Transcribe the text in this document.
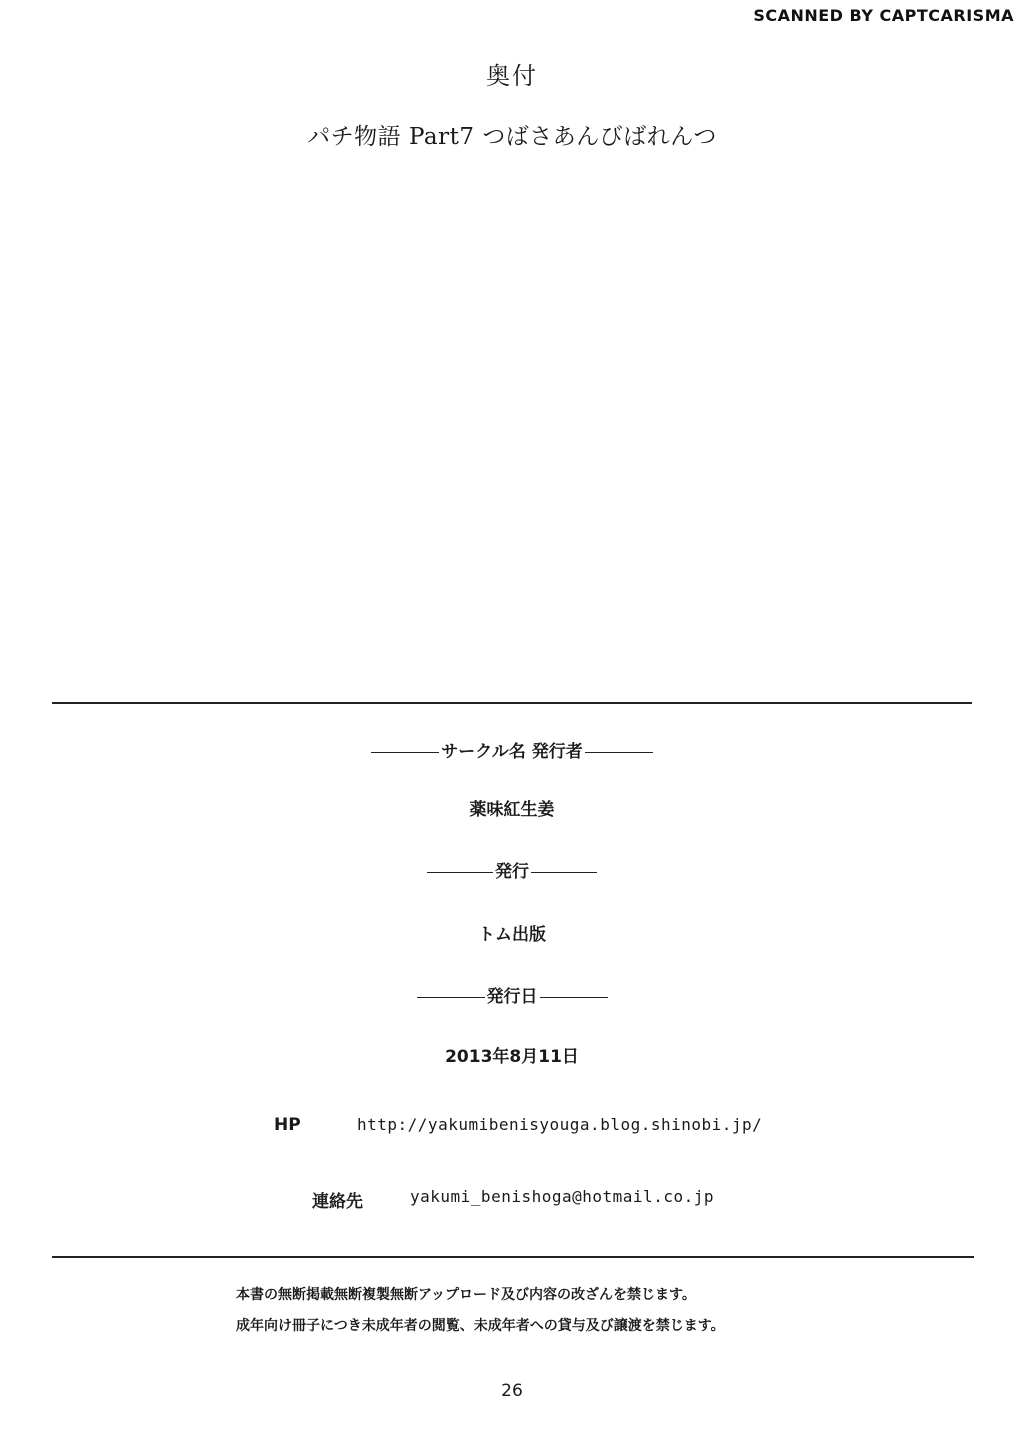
SCANNED BY CAPTCARISMA
奥付
パチ物語 Part7 つばさあんびばれんつ
サークル名 発行者
薬味紅生姜
発行
トム出版
発行日
2013年8月11日
HP	http://yakumibenisyouga.blog.shinobi.jp/
連絡先	yakumi_benishoga@hotmail.co.jp
本書の無断掲載無断複製無断アップロード及び内容の改ざんを禁じます。
成年向け冊子につき未成年者の閲覧、未成年者への貸与及び譲渡を禁じます。
26
